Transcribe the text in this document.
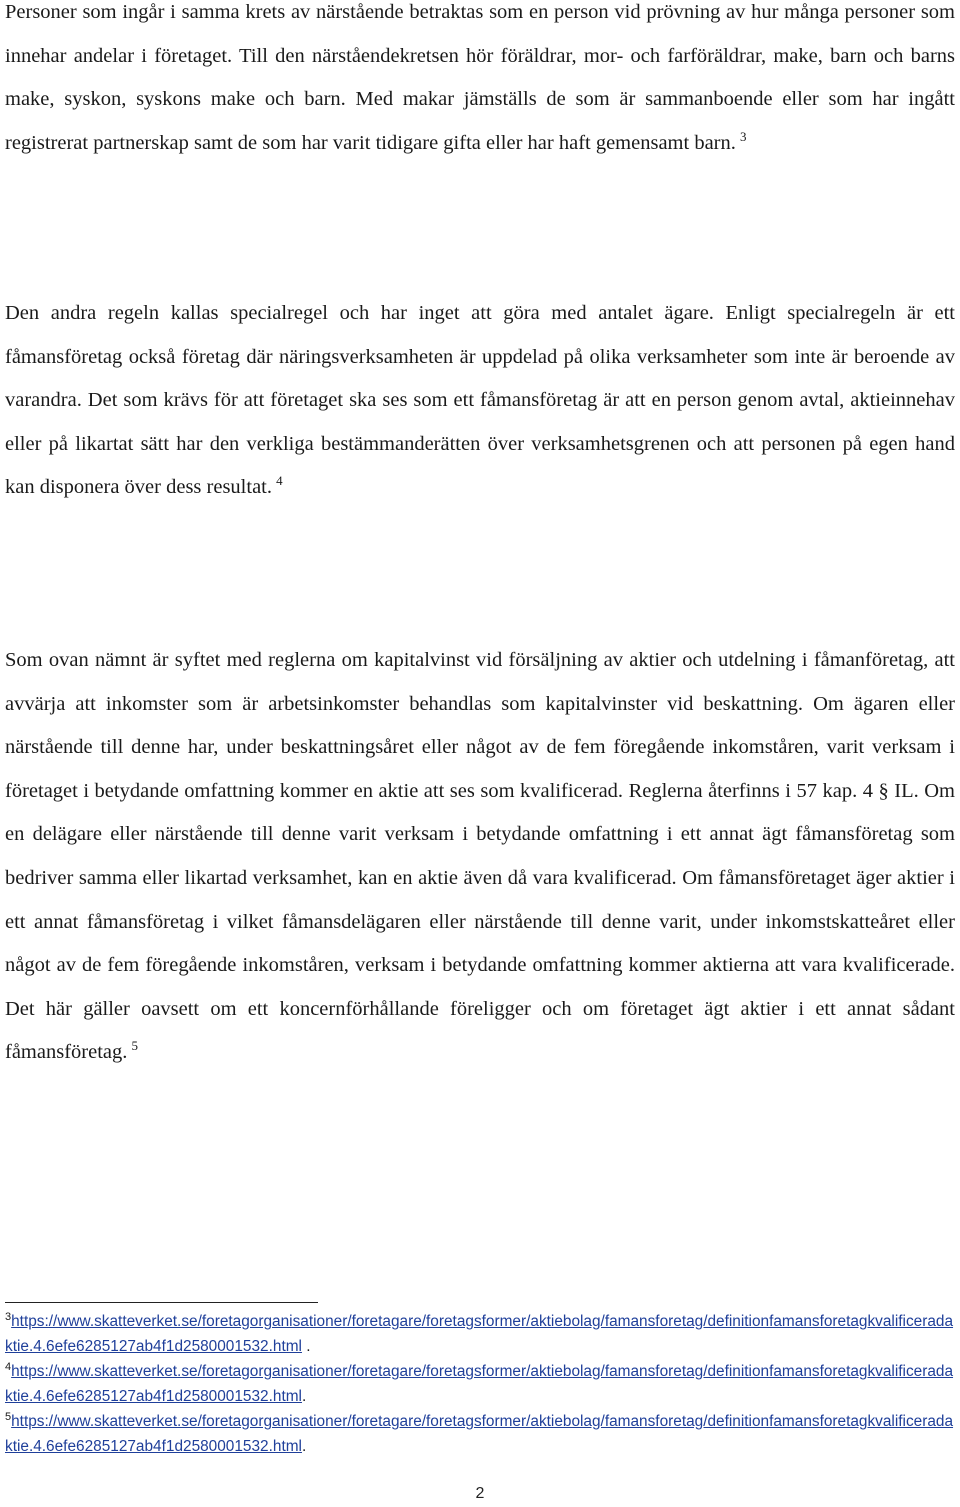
Personer som ingår i samma krets av närstående betraktas som en person vid prövning av hur många personer som innehar andelar i företaget. Till den närståendekretsen hör föräldrar, mor- och farföräldrar, make, barn och barns make, syskon, syskons make och barn. Med makar jämställs de som är sammanboende eller som har ingått registrerat partnerskap samt de som har varit tidigare gifta eller har haft gemensamt barn.  $^3$

Den andra regeln kallas specialregel och har inget att göra med antalet ägare. Enligt specialregeln är ett fåmansföretag också företag där näringsverksamheten är uppdelad på olika verksamheter som inte är beroende av varandra. Det som krävs för att företaget ska ses som ett fåmansföretag är att en person genom avtal, aktieinnehav eller på likartat sätt har den verkliga bestämmanderätten över verksamhetsgrenen och att personen på egen hand kan disponera över dess resultat.  $^4$

Som ovan nämnt är syftet med reglerna om kapitalvinst vid försäljning av aktier och utdelning i fåmanföretag, att avvärja att inkomster som är arbetsinkomster behandlas som kapitalvinster vid beskattning. Om ägaren eller närstående till denne har, under beskattningsåret eller något av de fem föregående inkomståren, varit verksam i företaget i betydande omfattning kommer en aktie att ses som kvalificerad. Reglerna återfinns i 57 kap. 4 § IL. Om en delägare eller närstående till denne varit verksam i betydande omfattning i ett annat ägt fåmansföretag som bedriver samma eller likartad verksamhet, kan en aktie även då vara kvalificerad. Om fåmansföretaget äger aktier i ett annat fåmansföretag i vilket fåmansdelägaren eller närstående till denne varit, under inkomstskatteåret eller något av de fem föregående inkomståren, verksam i betydande omfattning kommer aktierna att vara kvalificerade. Det här gäller oavsett om ett koncernförhållande föreligger och om företaget ägt aktier i ett annat sådant fåmansföretag.  $^5$

$^3$https://www.skatteverket.se/foretagorganisationer/foretagare/foretagsformer/aktiebolag/famansforetag/definitionfamansforetagkvalificeradaktie.4.6efe6285127ab4f1d2580001532.html .
$^4$https://www.skatteverket.se/foretagorganisationer/foretagare/foretagsformer/aktiebolag/famansforetag/definitionfamansforetagkvalificeradaktie.4.6efe6285127ab4f1d2580001532.html.
$^5$https://www.skatteverket.se/foretagorganisationer/foretagare/foretagsformer/aktiebolag/famansforetag/definitionfamansforetagkvalificeradaktie.4.6efe6285127ab4f1d2580001532.html.
2
